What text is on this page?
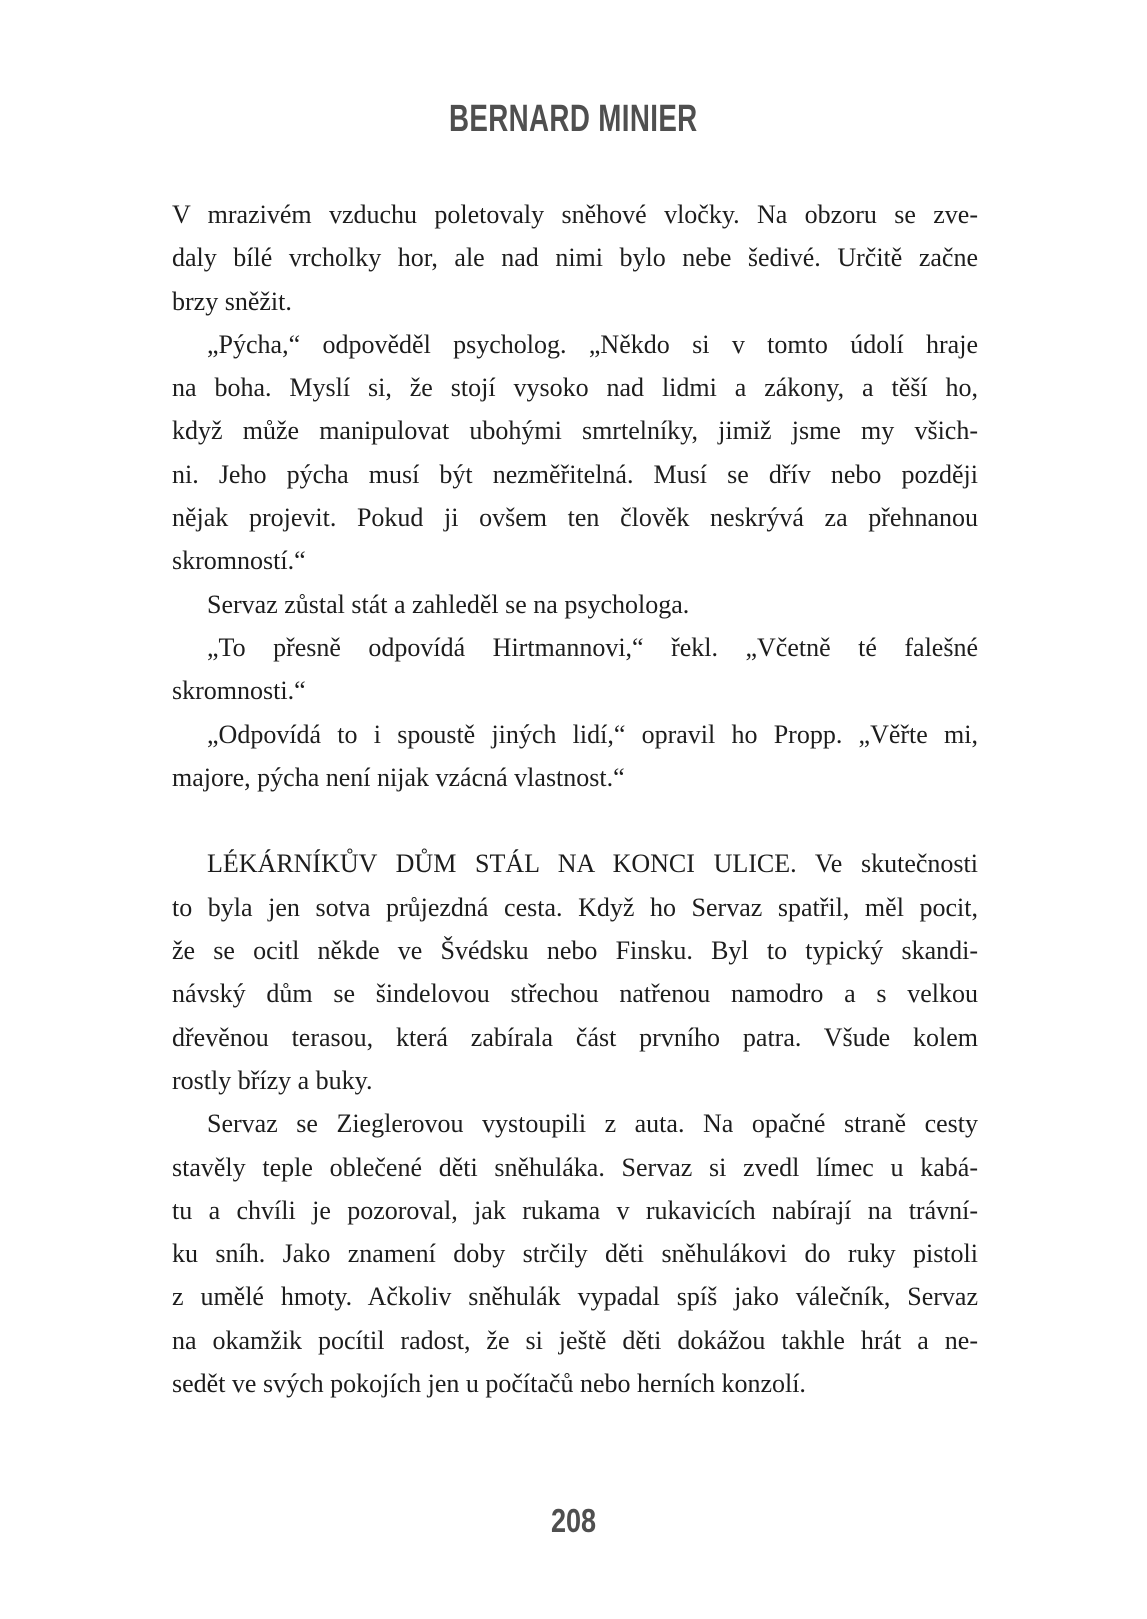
BERNARD MINIER
V mrazivém vzduchu poletovaly sněhové vločky. Na obzoru se zve-
daly bílé vrcholky hor, ale nad nimi bylo nebe šedivé. Určitě začne
brzy sněžit.
„Pýcha,“ odpověděl psycholog. „Někdo si v tomto údolí hraje
na boha. Myslí si, že stojí vysoko nad lidmi a zákony, a těší ho,
když může manipulovat ubohými smrtelníky, jimiž jsme my všich-
ni. Jeho pýcha musí být nezměřitelná. Musí se dřív nebo později
nějak projevit. Pokud ji ovšem ten člověk neskrývá za přehnanou
skromností.“
Servaz zůstal stát a zahleděl se na psychologa.
„To přesně odpovídá Hirtmannovi,“ řekl. „Včetně té falešné
skromnosti.“
„Odpovídá to i spoustě jiných lidí,“ opravil ho Propp. „Věřte mi,
majore, pýcha není nijak vzácná vlastnost.“
LÉKÁRNÍKŮV DŮM STÁL NA KONCI ULICE. Ve skutečnosti
to byla jen sotva průjezdná cesta. Když ho Servaz spatřil, měl pocit,
že se ocitl někde ve Švédsku nebo Finsku. Byl to typický skandi-
návský dům se šindelovou střechou natřenou namodro a s velkou
dřevěnou terasou, která zabírala část prvního patra. Všude kolem
rostly břízy a buky.
Servaz se Zieglerovou vystoupili z auta. Na opačné straně cesty
stavěly teple oblečené děti sněhuláka. Servaz si zvedl límec u kabá-
tu a chvíli je pozoroval, jak rukama v rukavicích nabírají na trávní-
ku sníh. Jako znamení doby strčily děti sněhulákovi do ruky pistoli
z umělé hmoty. Ačkoliv sněhulák vypadal spíš jako válečník, Servaz
na okamžik pocítil radost, že si ještě děti dokážou takhle hrát a ne-
sedět ve svých pokojích jen u počítačů nebo herních konzolí.
208
